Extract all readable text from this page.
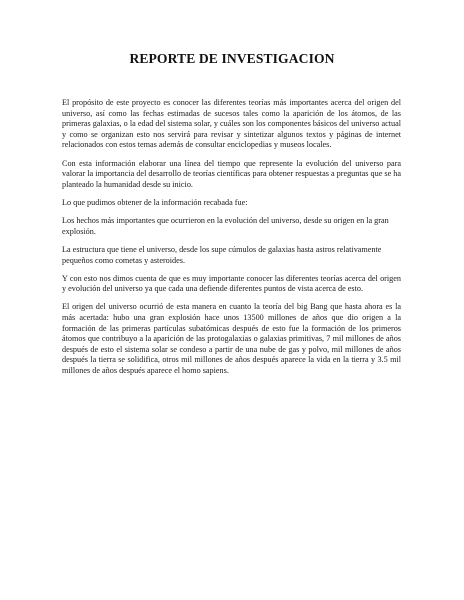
REPORTE DE INVESTIGACION

El propósito de este proyecto es conocer las diferentes teorías más importantes acerca del origen del universo, así como las fechas estimadas de sucesos tales como la aparición de los átomos, de las primeras galaxias, o la edad del sistema solar, y cuáles son los componentes básicos del universo actual y como se organizan esto nos servirá para revisar y sintetizar algunos textos y páginas de internet relacionados con estos temas además de consultar enciclopedias y museos locales.

Con esta información elaborar una línea del tiempo que represente la evolución del universo para valorar la importancia del desarrollo de teorías científicas para obtener respuestas a preguntas que se ha planteado la humanidad desde su inicio.

Lo que pudimos obtener de la información recabada fue:

Los hechos más importantes que ocurrieron en la evolución del universo, desde su origen en la gran explosión.

La estructura que tiene el universo, desde los supe cúmulos de galaxias hasta astros relativamente pequeños como cometas y asteroides.

Y con esto nos dimos cuenta de que es muy importante conocer las diferentes teorías acerca del origen y evolución del universo ya que cada una defiende diferentes puntos de vista acerca de esto.

El origen del universo ocurrió de esta manera en cuanto la teoría del big Bang que hasta ahora es la más acertada: hubo una gran explosión hace unos 13500 millones de años que dio origen a la formación de las primeras partículas subatómicas después de esto fue la formación de los primeros átomos que contribuyo a la aparición de las protogalaxias o galaxias primitivas, 7 mil millones de años después de esto el sistema solar se condeso a partir de una nube de gas y polvo, mil millones de años después la tierra se solidifica, otros mil millones de años después aparece la vida en la tierra y 3.5 mil millones de años después aparece el homo sapiens.
